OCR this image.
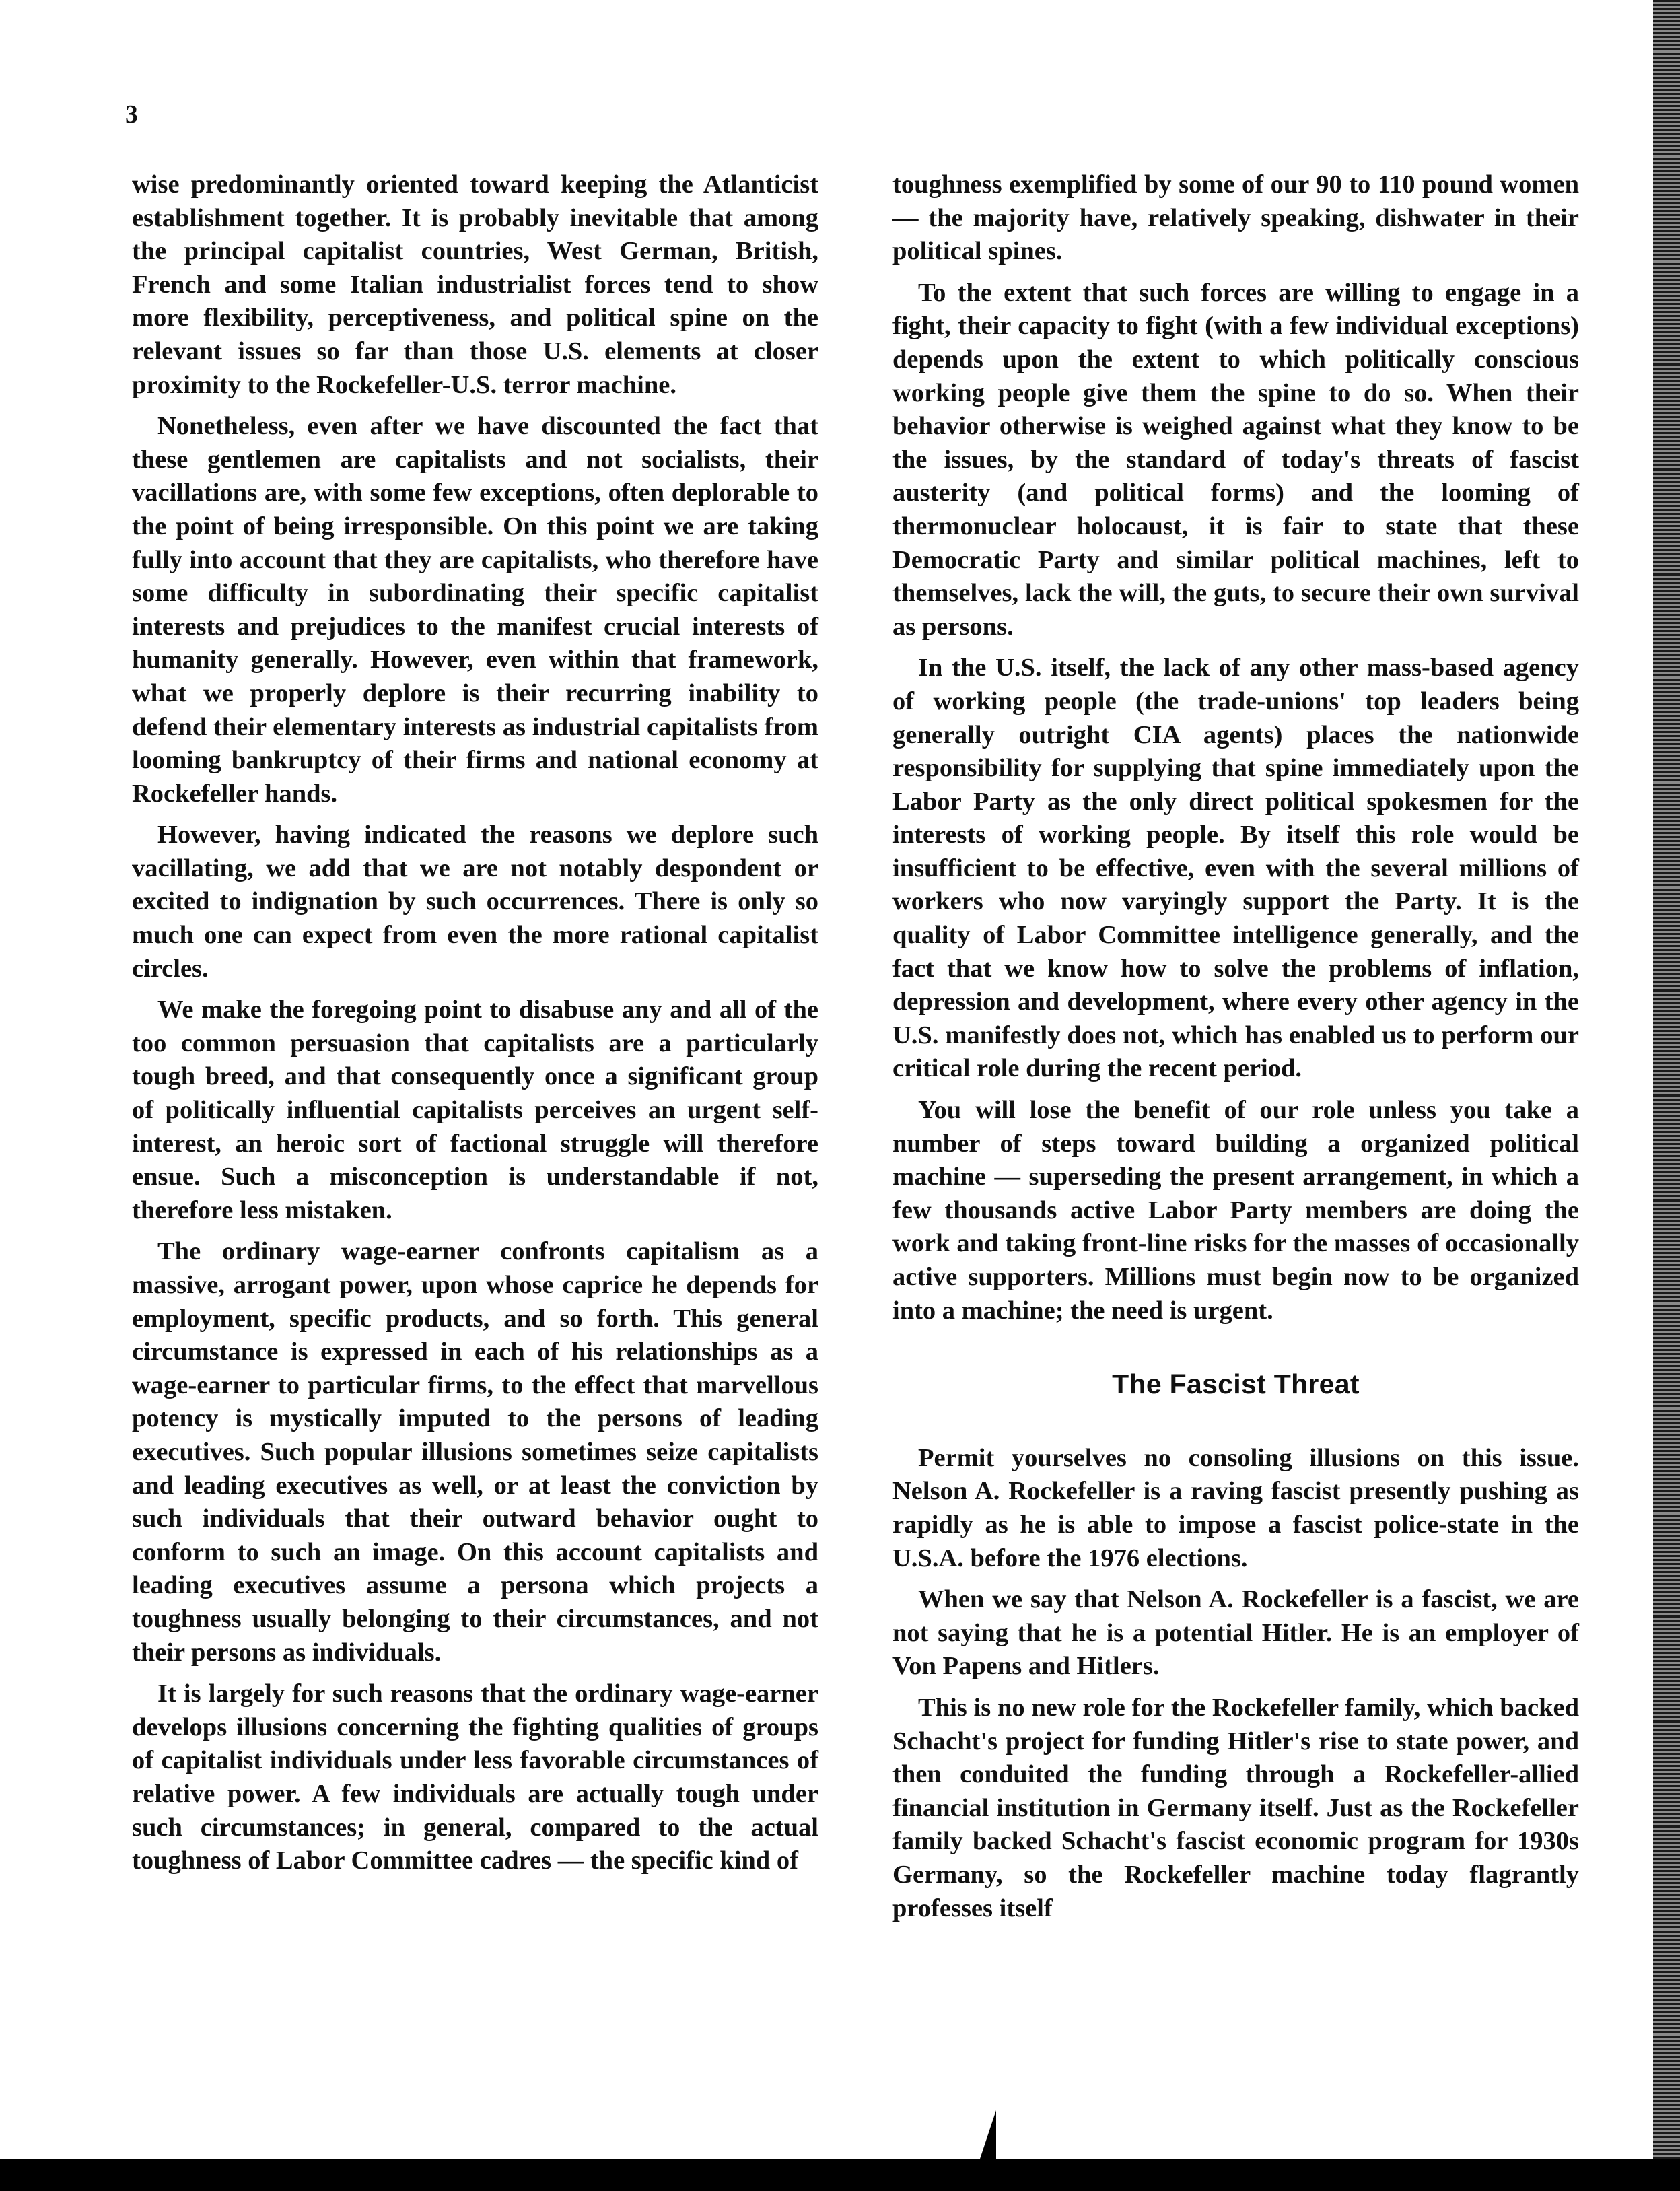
3

wise predominantly oriented toward keeping the Atlanticist establishment together. It is probably inevitable that among the principal capitalist countries, West German, British, French and some Italian industrialist forces tend to show more flexibility, perceptiveness, and political spine on the relevant issues so far than those U.S. elements at closer proximity to the Rockefeller-U.S. terror machine.

Nonetheless, even after we have discounted the fact that these gentlemen are capitalists and not socialists, their vacillations are, with some few exceptions, often deplorable to the point of being irresponsible. On this point we are taking fully into account that they are capitalists, who therefore have some difficulty in subordinating their specific capitalist interests and prejudices to the manifest crucial interests of humanity generally. However, even within that framework, what we properly deplore is their recurring inability to defend their elementary interests as industrial capitalists from looming bankruptcy of their firms and national economy at Rockefeller hands.

However, having indicated the reasons we deplore such vacillating, we add that we are not notably despondent or excited to indignation by such occurrences. There is only so much one can expect from even the more rational capitalist circles.

We make the foregoing point to disabuse any and all of the too common persuasion that capitalists are a particularly tough breed, and that consequently once a significant group of politically influential capitalists perceives an urgent self-interest, an heroic sort of factional struggle will therefore ensue. Such a misconception is understandable if not, therefore less mistaken.

The ordinary wage-earner confronts capitalism as a massive, arrogant power, upon whose caprice he depends for employment, specific products, and so forth. This general circumstance is expressed in each of his relationships as a wage-earner to particular firms, to the effect that marvellous potency is mystically imputed to the persons of leading executives. Such popular illusions sometimes seize capitalists and leading executives as well, or at least the conviction by such individuals that their outward behavior ought to conform to such an image. On this account capitalists and leading executives assume a persona which projects a toughness usually belonging to their circumstances, and not their persons as individuals.

It is largely for such reasons that the ordinary wage-earner develops illusions concerning the fighting qualities of groups of capitalist individuals under less favorable circumstances of relative power. A few individuals are actually tough under such circumstances; in general, compared to the actual toughness of Labor Committee cadres — the specific kind of

toughness exemplified by some of our 90 to 110 pound women — the majority have, relatively speaking, dishwater in their political spines.

To the extent that such forces are willing to engage in a fight, their capacity to fight (with a few individual exceptions) depends upon the extent to which politically conscious working people give them the spine to do so. When their behavior otherwise is weighed against what they know to be the issues, by the standard of today's threats of fascist austerity (and political forms) and the looming of thermonuclear holocaust, it is fair to state that these Democratic Party and similar political machines, left to themselves, lack the will, the guts, to secure their own survival as persons.

In the U.S. itself, the lack of any other mass-based agency of working people (the trade-unions' top leaders being generally outright CIA agents) places the nationwide responsibility for supplying that spine immediately upon the Labor Party as the only direct political spokesmen for the interests of working people. By itself this role would be insufficient to be effective, even with the several millions of workers who now varyingly support the Party. It is the quality of Labor Committee intelligence generally, and the fact that we know how to solve the problems of inflation, depression and development, where every other agency in the U.S. manifestly does not, which has enabled us to perform our critical role during the recent period.

You will lose the benefit of our role unless you take a number of steps toward building a organized political machine — superseding the present arrangement, in which a few thousands active Labor Party members are doing the work and taking front-line risks for the masses of occasionally active supporters. Millions must begin now to be organized into a machine; the need is urgent.

The Fascist Threat

Permit yourselves no consoling illusions on this issue. Nelson A. Rockefeller is a raving fascist presently pushing as rapidly as he is able to impose a fascist police-state in the U.S.A. before the 1976 elections.

When we say that Nelson A. Rockefeller is a fascist, we are not saying that he is a potential Hitler. He is an employer of Von Papens and Hitlers.

This is no new role for the Rockefeller family, which backed Schacht's project for funding Hitler's rise to state power, and then conduited the funding through a Rockefeller-allied financial institution in Germany itself. Just as the Rockefeller family backed Schacht's fascist economic program for 1930s Germany, so the Rockefeller machine today flagrantly professes itself
